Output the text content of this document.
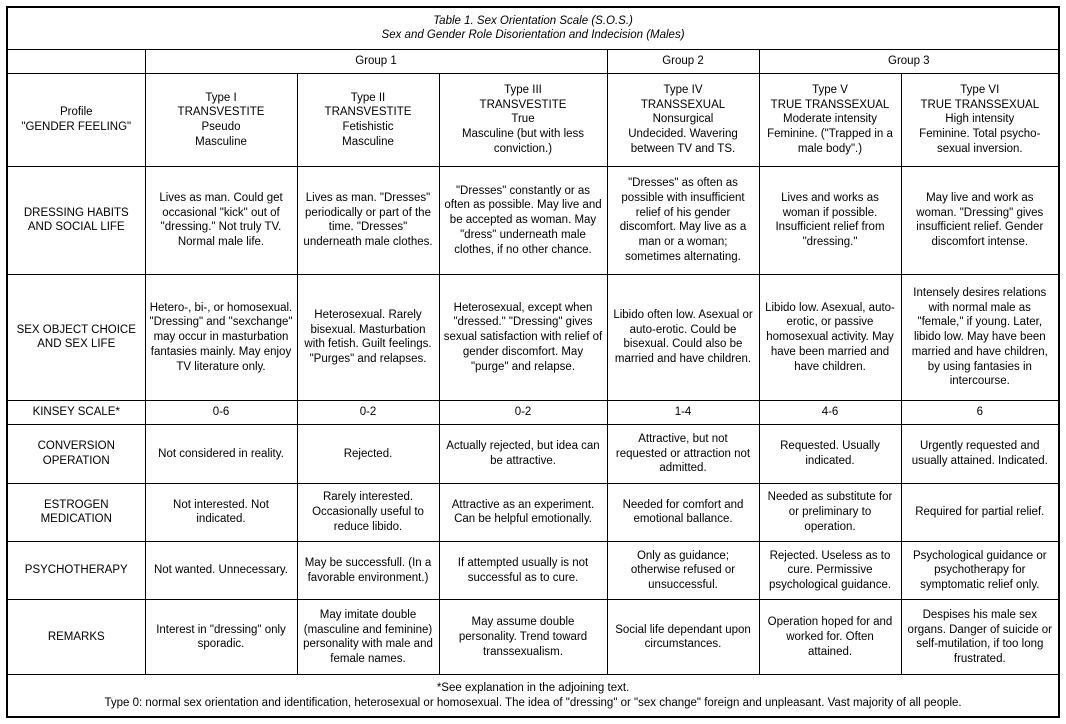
Table 1. Sex Orientation Scale (S.O.S.)
Sex and Gender Role Disorientation and Indecision (Males)						

	Group 1			Group 2	Group 3	

Profile
"GENDER FEELING"	Type I
TRANSVESTITE
Pseudo
Masculine	Type II
TRANSVESTITE
Fetishistic
Masculine	Type III
TRANSVESTITE
True
Masculine (but with less conviction.)	Type IV
TRANSSEXUAL
Nonsurgical
Undecided. Wavering between TV and TS.	Type V
TRUE TRANSSEXUAL
Moderate intensity
Feminine. ("Trapped in a male body".)	Type VI
TRUE TRANSSEXUAL
High intensity
Feminine. Total psycho-sexual inversion.

DRESSING HABITS AND SOCIAL LIFE	Lives as man. Could get occasional "kick" out of "dressing." Not truly TV. Normal male life.	Lives as man. "Dresses" periodically or part of the time. "Dresses" underneath male clothes.	"Dresses" constantly or as often as possible. May live and be accepted as woman. May "dress" underneath male clothes, if no other chance.	"Dresses" as often as possible with insufficient relief of his gender discomfort. May live as a man or a woman; sometimes alternating.	Lives and works as woman if possible. Insufficient relief from "dressing."	May live and work as woman. "Dressing" gives insufficient relief. Gender discomfort intense.
SEX OBJECT CHOICE AND SEX LIFE	Hetero-, bi-, or homosexual. "Dressing" and "sexchange" may occur in masturbation fantasies mainly. May enjoy TV literature only.	Heterosexual. Rarely bisexual. Masturbation with fetish. Guilt feelings. "Purges" and relapses.	Heterosexual, except when "dressed." "Dressing" gives sexual satisfaction with relief of gender discomfort. May "purge" and relapse.	Libido often low. Asexual or auto-erotic. Could be bisexual. Could also be married and have children.	Libido low. Asexual, auto-erotic, or passive homosexual activity. May have been married and have children.	Intensely desires relations with normal male as "female," if young. Later, libido low. May have been married and have children, by using fantasies in intercourse.
KINSEY SCALE*	0-6	0-2	0-2	1-4	4-6	6
CONVERSION OPERATION	Not considered in reality.	Rejected.	Actually rejected, but idea can be attractive.	Attractive, but not requested or attraction not admitted.	Requested. Usually indicated.	Urgently requested and usually attained. Indicated.
ESTROGEN MEDICATION	Not interested. Not indicated.	Rarely interested. Occasionally useful to reduce libido.	Attractive as an experiment. Can be helpful emotionally.	Needed for comfort and emotional ballance.	Needed as substitute for or preliminary to operation.	Required for partial relief.
PSYCHOTHERAPY	Not wanted. Unnecessary.	May be successfull. (In a favorable environment.)	If attempted usually is not successful as to cure.	Only as guidance; otherwise refused or unsuccessful.	Rejected. Useless as to cure. Permissive psychological guidance.	Psychological guidance or psychotherapy for symptomatic relief only.
REMARKS	Interest in "dressing" only sporadic.	May imitate double (masculine and feminine) personality with male and female names.	May assume double personality. Trend toward transsexualism.	Social life dependant upon circumstances.	Operation hoped for and worked for. Often attained.	Despises his male sex organs. Danger of suicide or self-mutilation, if too long frustrated.

*See explanation in the adjoining text.
Type 0: normal sex orientation and identification, heterosexual or homosexual. The idea of "dressing" or "sex change" foreign and unpleasant. Vast majority of all people.						
